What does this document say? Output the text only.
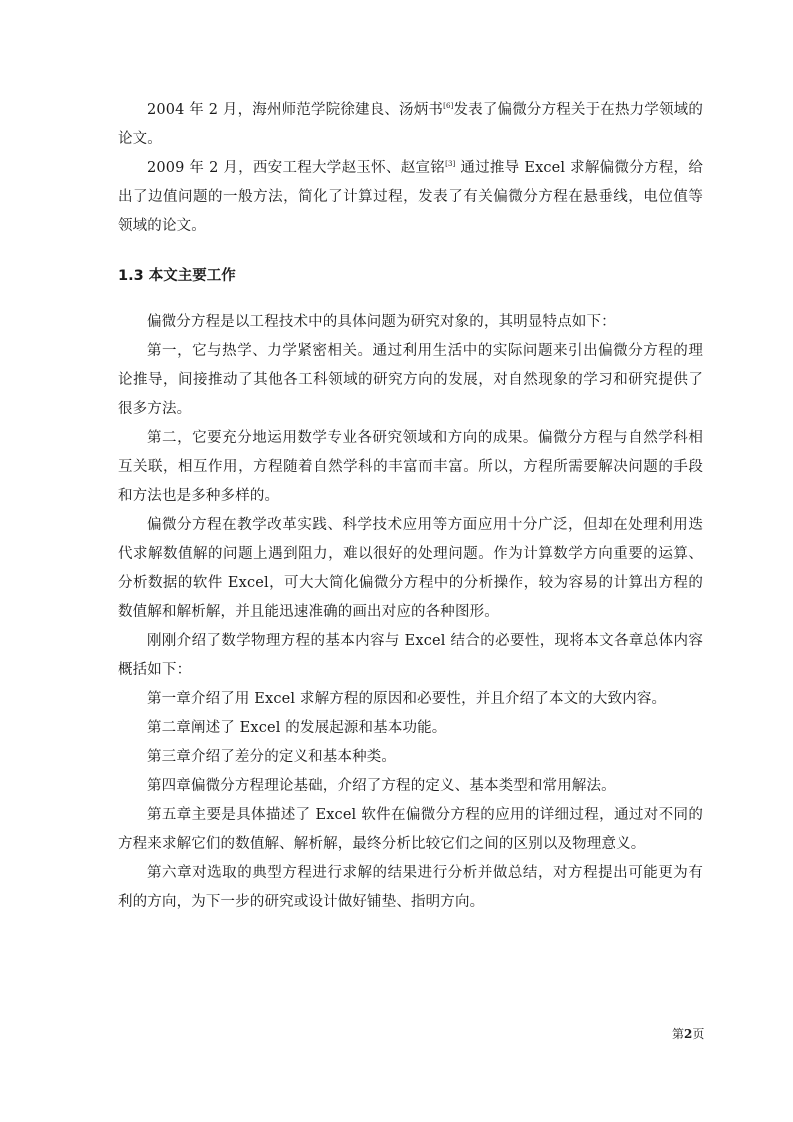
2004 年 2 月，海州师范学院徐建良、汤炳书[6]发表了偏微分方程关于在热力学领域的论文。

2009 年 2 月，西安工程大学赵玉怀、赵宣铭[3] 通过推导 Excel 求解偏微分方程，给出了边值问题的一般方法，简化了计算过程，发表了有关偏微分方程在悬垂线，电位值等领域的论文。

1.3 本文主要工作

偏微分方程是以工程技术中的具体问题为研究对象的，其明显特点如下：

第一，它与热学、力学紧密相关。通过利用生活中的实际问题来引出偏微分方程的理论推导，间接推动了其他各工科领域的研究方向的发展，对自然现象的学习和研究提供了很多方法。

第二，它要充分地运用数学专业各研究领域和方向的成果。偏微分方程与自然学科相互关联，相互作用，方程随着自然学科的丰富而丰富。所以，方程所需要解决问题的手段和方法也是多种多样的。

偏微分方程在教学改革实践、科学技术应用等方面应用十分广泛，但却在处理利用迭代求解数值解的问题上遇到阻力，难以很好的处理问题。作为计算数学方向重要的运算、分析数据的软件 Excel，可大大简化偏微分方程中的分析操作，较为容易的计算出方程的数值解和解析解，并且能迅速准确的画出对应的各种图形。

刚刚介绍了数学物理方程的基本内容与 Excel 结合的必要性，现将本文各章总体内容概括如下：

第一章介绍了用 Excel 求解方程的原因和必要性，并且介绍了本文的大致内容。

第二章阐述了 Excel 的发展起源和基本功能。

第三章介绍了差分的定义和基本种类。

第四章偏微分方程理论基础，介绍了方程的定义、基本类型和常用解法。

第五章主要是具体描述了 Excel 软件在偏微分方程的应用的详细过程，通过对不同的方程来求解它们的数值解、解析解，最终分析比较它们之间的区别以及物理意义。

第六章对选取的典型方程进行求解的结果进行分析并做总结，对方程提出可能更为有利的方向，为下一步的研究或设计做好铺垫、指明方向。

第2页
